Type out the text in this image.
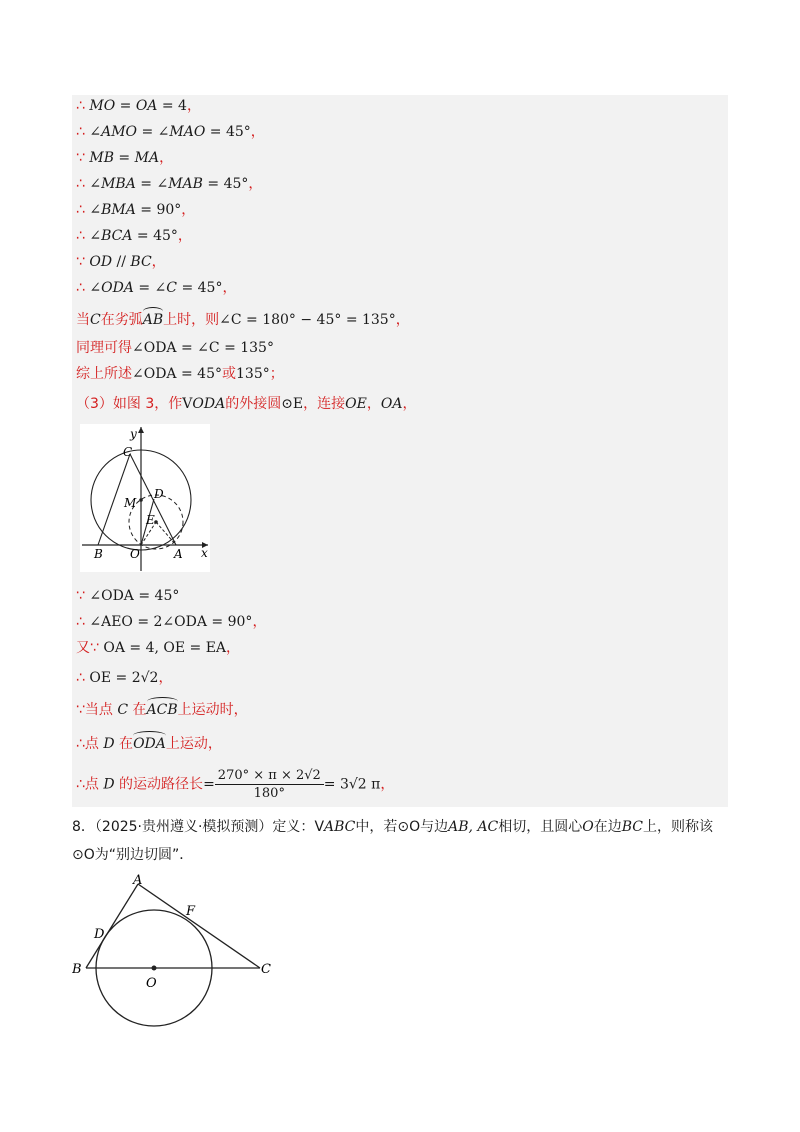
∴ MO = OA = 4，
∴ ∠AMO = ∠MAO = 45°，
∵ MB = MA，
∴ ∠MBA = ∠MAB = 45°，
∴ ∠BMA = 90°，
∴ ∠BCA = 45°，
∵ OD // BC，
∴ ∠ODA = ∠C = 45°，
当C在劣弧AB上时，则∠C = 180° − 45° = 135°，
同理可得∠ODA = ∠C = 135°
综上所述∠ODA = 45°或135°；
（3）如图 3，作VODA的外接圆⊙E，连接OE，OA，
y
x
C
D
M
E
B O	A
∵ ∠ODA = 45°
∴ ∠AEO = 2∠ODA = 90°，
又∵ OA = 4, OE = EA，
∴ OE = 2√2，
∵当点 C 在ACB上运动时，
∴点 D 在ODA上运动，
∴点 D 的运动路径长= $\frac{270^\circ \times \pi \times 2√2}{180^\circ} = 3√2$ π，
8．（2025·贵州遵义·模拟预测）定义：VABC中，若⊙O与边AB, AC相切，且圆心O在边BC上，则称该
⊙O为“别边切圆”．
A
F
D
B
O
C
